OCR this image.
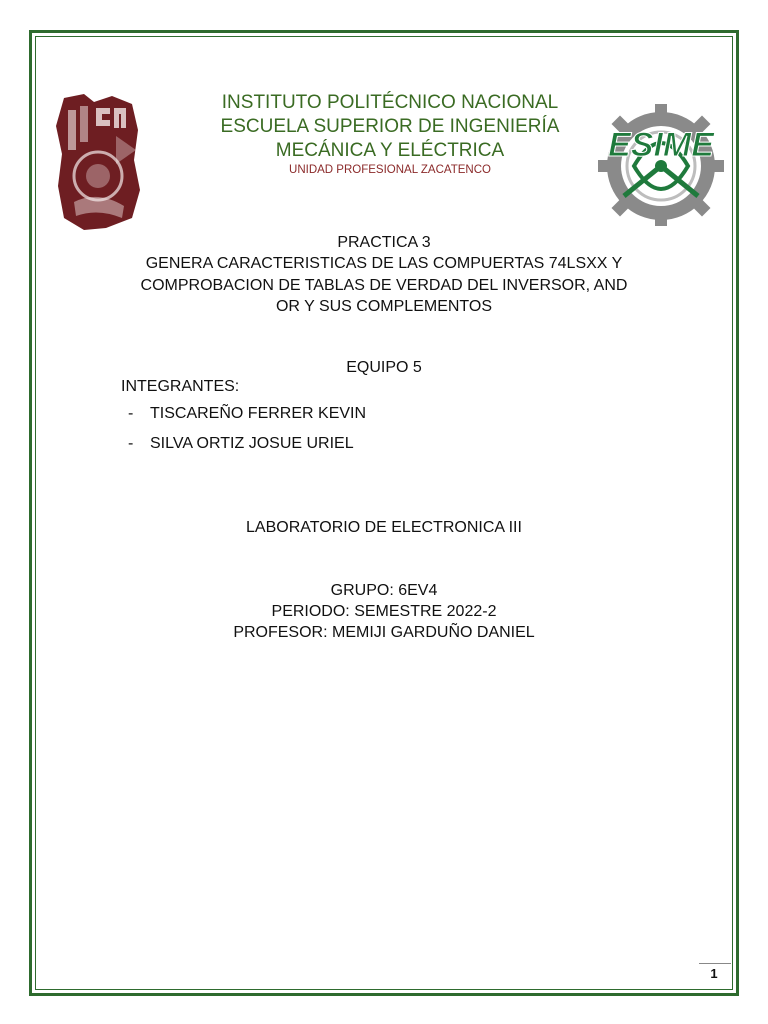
INSTITUTO POLITÉCNICO NACIONAL
ESCUELA SUPERIOR DE INGENIERÍA
MECÁNICA Y ELÉCTRICA
UNIDAD PROFESIONAL ZACATENCO
ESIME
PRACTICA 3
GENERA CARACTERISTICAS DE LAS COMPUERTAS 74LSXX Y
COMPROBACION DE TABLAS DE VERDAD DEL INVERSOR, AND
OR Y SUS COMPLEMENTOS
EQUIPO 5
INTEGRANTES:
- TISCAREÑO FERRER KEVIN
- SILVA ORTIZ JOSUE URIEL
LABORATORIO DE ELECTRONICA III
GRUPO: 6EV4
PERIODO: SEMESTRE 2022-2
PROFESOR: MEMIJI GARDUÑO DANIEL
1
